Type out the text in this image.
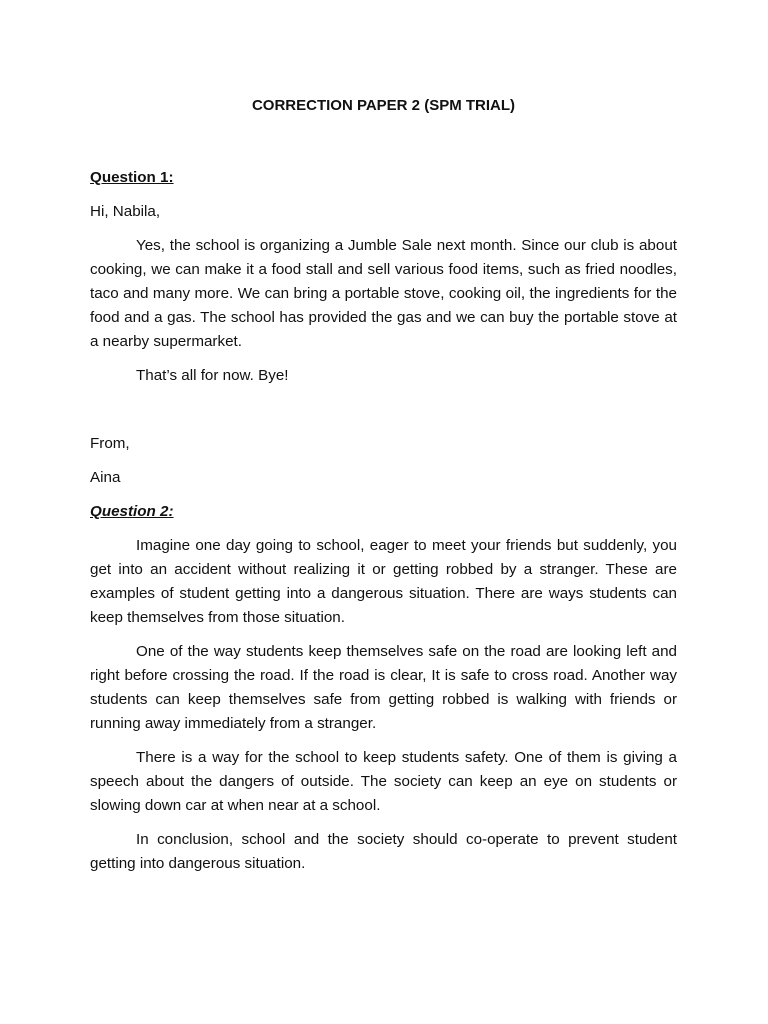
CORRECTION PAPER 2 (SPM TRIAL)
Question 1:
Hi, Nabila,
Yes, the school is organizing a Jumble Sale next month. Since our club is about cooking, we can make it a food stall and sell various food items, such as fried noodles, taco and many more. We can bring a portable stove, cooking oil, the ingredients for the food and a gas. The school has provided the gas and we can buy the portable stove at a nearby supermarket.
That’s all for now. Bye!
From,
Aina
Question 2:
Imagine one day going to school, eager to meet your friends but suddenly, you get into an accident without realizing it or getting robbed by a stranger. These are examples of student getting into a dangerous situation. There are ways students can keep themselves from those situation.
One of the way students keep themselves safe on the road are looking left and right before crossing the road. If the road is clear, It is safe to cross road. Another way students can keep themselves safe from getting robbed is walking with friends or running away immediately from a stranger.
There is a way for the school to keep students safety. One of them is giving a speech about the dangers of outside. The society can keep an eye on students or slowing down car at when near at a school.
In conclusion, school and the society should co-operate to prevent student getting into dangerous situation.
